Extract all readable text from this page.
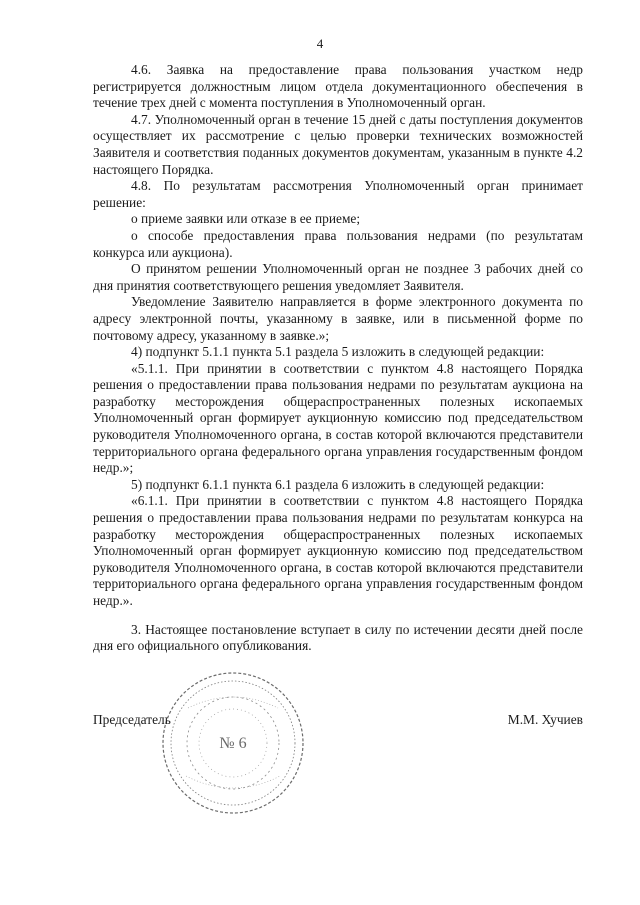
4

4.6. Заявка на предоставление права пользования участком недр регистрируется должностным лицом отдела документационного обеспечения в течение трех дней с момента поступления в Уполномоченный орган.

4.7. Уполномоченный орган в течение 15 дней с даты поступления документов осуществляет их рассмотрение с целью проверки технических возможностей Заявителя и соответствия поданных документов документам, указанным в пункте 4.2 настоящего Порядка.

4.8. По результатам рассмотрения Уполномоченный орган принимает решение:

о приеме заявки или отказе в ее приеме;

о способе предоставления права пользования недрами (по результатам конкурса или аукциона).

О принятом решении Уполномоченный орган не позднее 3 рабочих дней со дня принятия соответствующего решения уведомляет Заявителя.

Уведомление Заявителю направляется в форме электронного документа по адресу электронной почты, указанному в заявке, или в письменной форме по почтовому адресу, указанному в заявке.»;

4) подпункт 5.1.1 пункта 5.1 раздела 5 изложить в следующей редакции:

«5.1.1. При принятии в соответствии с пунктом 4.8 настоящего Порядка решения о предоставлении права пользования недрами по результатам аукциона на разработку месторождения общераспространенных полезных ископаемых Уполномоченный орган формирует аукционную комиссию под председательством руководителя Уполномоченного органа, в состав которой включаются представители территориального органа федерального органа управления государственным фондом недр.»;

5) подпункт 6.1.1 пункта 6.1 раздела 6 изложить в следующей редакции:

«6.1.1. При принятии в соответствии с пунктом 4.8 настоящего Порядка решения о предоставлении права пользования недрами по результатам конкурса на разработку месторождения общераспространенных полезных ископаемых Уполномоченный орган формирует аукционную комиссию под председательством руководителя Уполномоченного органа, в состав которой включаются представители территориального органа федерального органа управления государственным фондом недр.».

3. Настоящее постановление вступает в силу по истечении десяти дней после дня его официального опубликования.

№ 6
Председатель	М.М. Хучиев
